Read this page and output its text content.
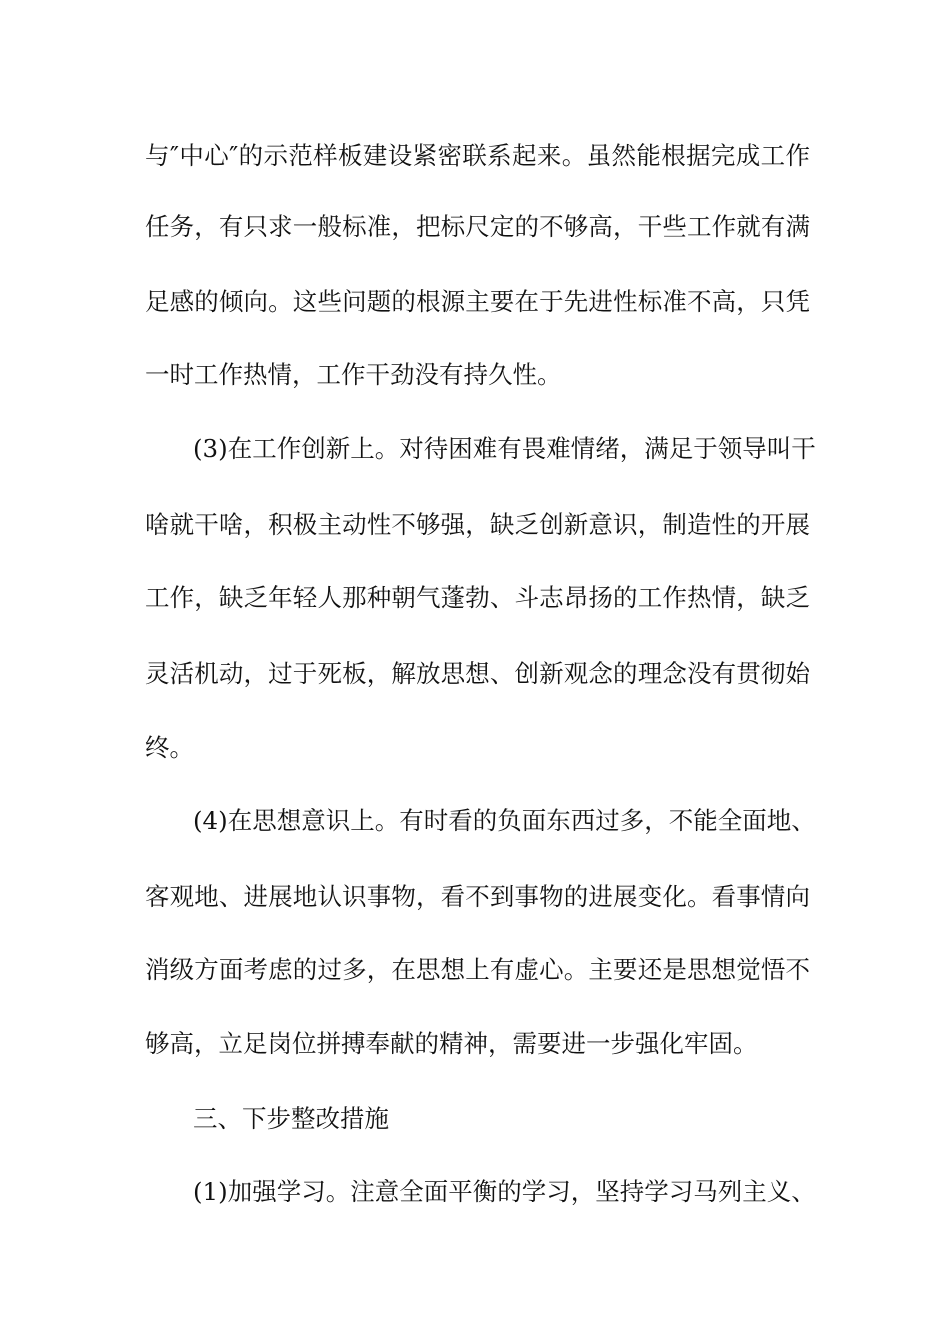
与″中心″的示范样板建设紧密联系起来。虽然能根据完成工作
任务，有只求一般标准，把标尺定的不够高，干些工作就有满
足感的倾向。这些问题的根源主要在于先进性标准不高，只凭
一时工作热情，工作干劲没有持久性。
(3)在工作创新上。对待困难有畏难情绪，满足于领导叫干
啥就干啥，积极主动性不够强，缺乏创新意识，制造性的开展
工作，缺乏年轻人那种朝气蓬勃、斗志昂扬的工作热情，缺乏
灵活机动，过于死板，解放思想、创新观念的理念没有贯彻始
终。
(4)在思想意识上。有时看的负面东西过多，不能全面地、
客观地、进展地认识事物，看不到事物的进展变化。看事情向
消级方面考虑的过多，在思想上有虚心。主要还是思想觉悟不
够高，立足岗位拼搏奉献的精神，需要进一步强化牢固。
三、下步整改措施
(1)加强学习。注意全面平衡的学习，坚持学习马列主义、
